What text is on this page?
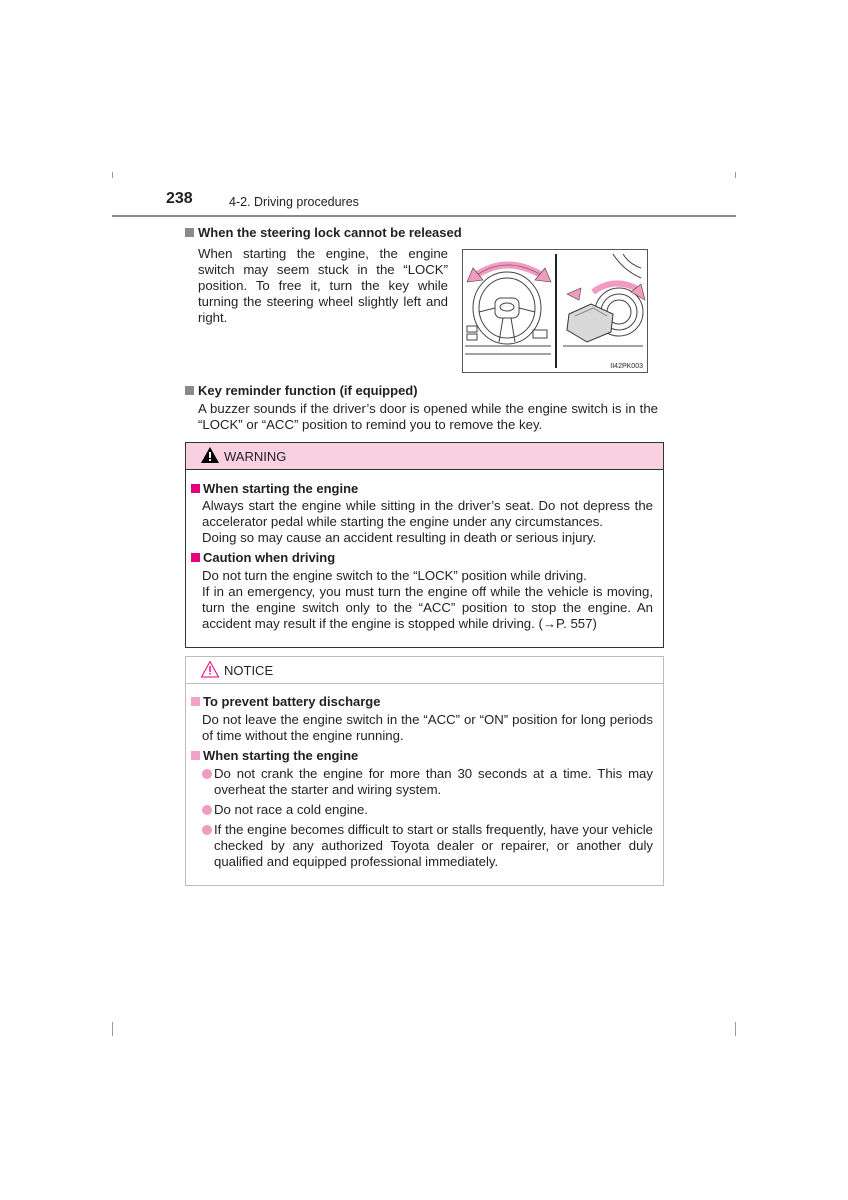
238	4-2. Driving procedures
When the steering lock cannot be released
When starting the engine, the engine switch may seem stuck in the “LOCK” position. To free it, turn the key while turning the steering wheel slightly left and right.
II42PK003
Key reminder function (if equipped)
A buzzer sounds if the driver’s door is opened while the engine switch is in the “LOCK” or “ACC” position to remind you to remove the key.
WARNING
When starting the engine
Always start the engine while sitting in the driver’s seat. Do not depress the accelerator pedal while starting the engine under any circumstances.
Doing so may cause an accident resulting in death or serious injury.
Caution when driving
Do not turn the engine switch to the “LOCK” position while driving.
If in an emergency, you must turn the engine off while the vehicle is moving, turn the engine switch only to the “ACC” position to stop the engine. An accident may result if the engine is stopped while driving. (→P. 557)
NOTICE
To prevent battery discharge
Do not leave the engine switch in the “ACC” or “ON” position for long periods of time without the engine running.
When starting the engine
Do not crank the engine for more than 30 seconds at a time. This may overheat the starter and wiring system.
Do not race a cold engine.
If the engine becomes difficult to start or stalls frequently, have your vehicle checked by any authorized Toyota dealer or repairer, or another duly qualified and equipped professional immediately.
